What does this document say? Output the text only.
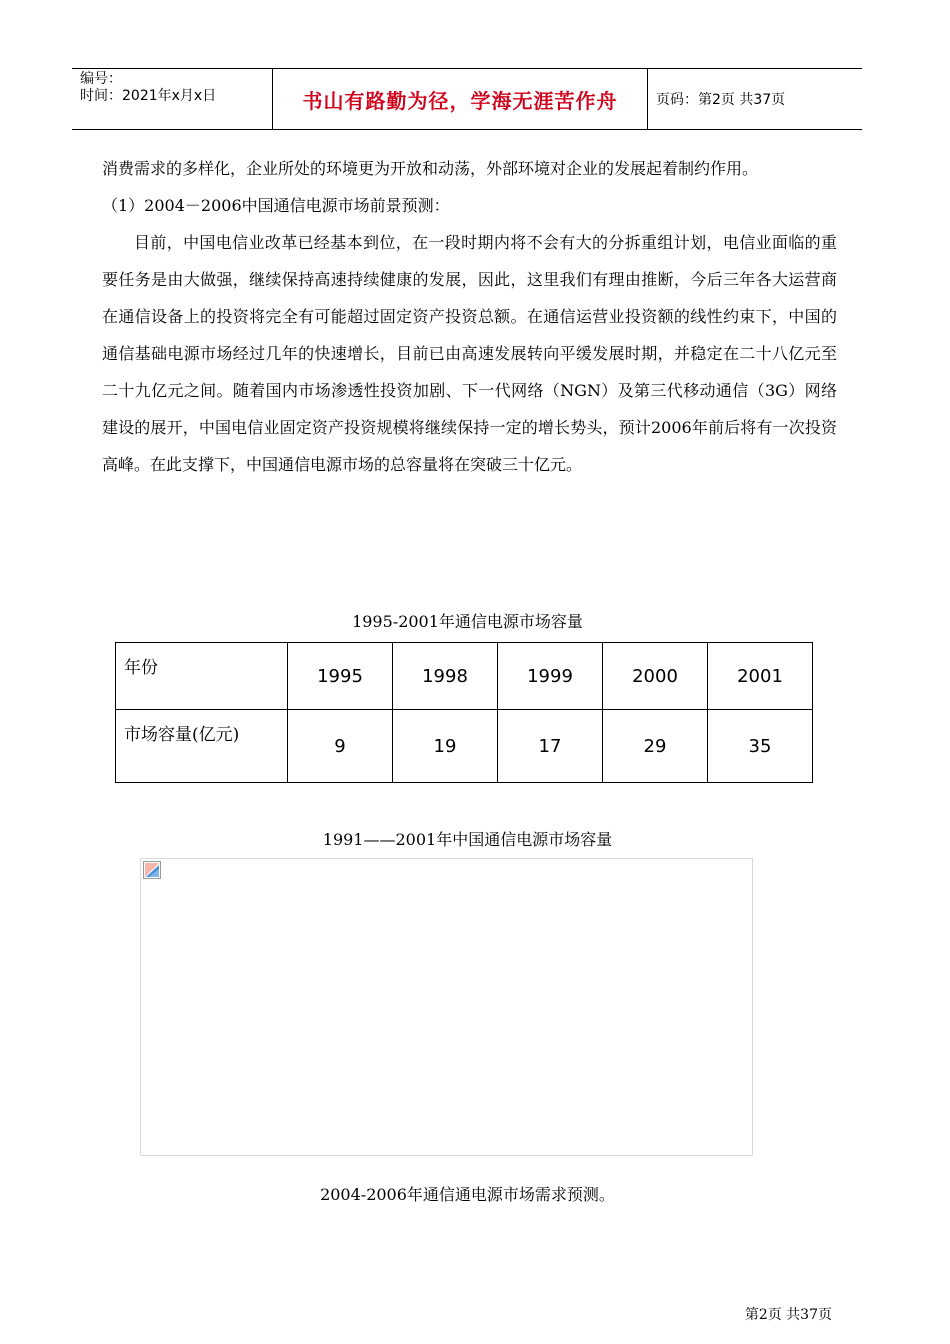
编号：
时间：2021年x月x日	书山有路勤为径，学海无涯苦作舟	页码：第2页 共37页

消费需求的多样化，企业所处的环境更为开放和动荡，外部环境对企业的发展起着制约作用。

（1）2004－2006中国通信电源市场前景预测：

目前，中国电信业改革已经基本到位，在一段时期内将不会有大的分拆重组计划，电信业面临的重要任务是由大做强，继续保持高速持续健康的发展，因此，这里我们有理由推断，今后三年各大运营商在通信设备上的投资将完全有可能超过固定资产投资总额。在通信运营业投资额的线性约束下，中国的通信基础电源市场经过几年的快速增长，目前已由高速发展转向平缓发展时期，并稳定在二十八亿元至二十九亿元之间。随着国内市场渗透性投资加剧、下一代网络（NGN）及第三代移动通信（3G）网络建设的展开，中国电信业固定资产投资规模将继续保持一定的增长势头，预计2006年前后将有一次投资高峰。在此支撑下，中国通信电源市场的总容量将在突破三十亿元。

1995-2001年通信电源市场容量
年份	1995	1998	1999	2000	2001
市场容量(亿元)	9	19	17	29	35
1991——2001年中国通信电源市场容量
2004-2006年通信通电源市场需求预测。
第2页 共37页
